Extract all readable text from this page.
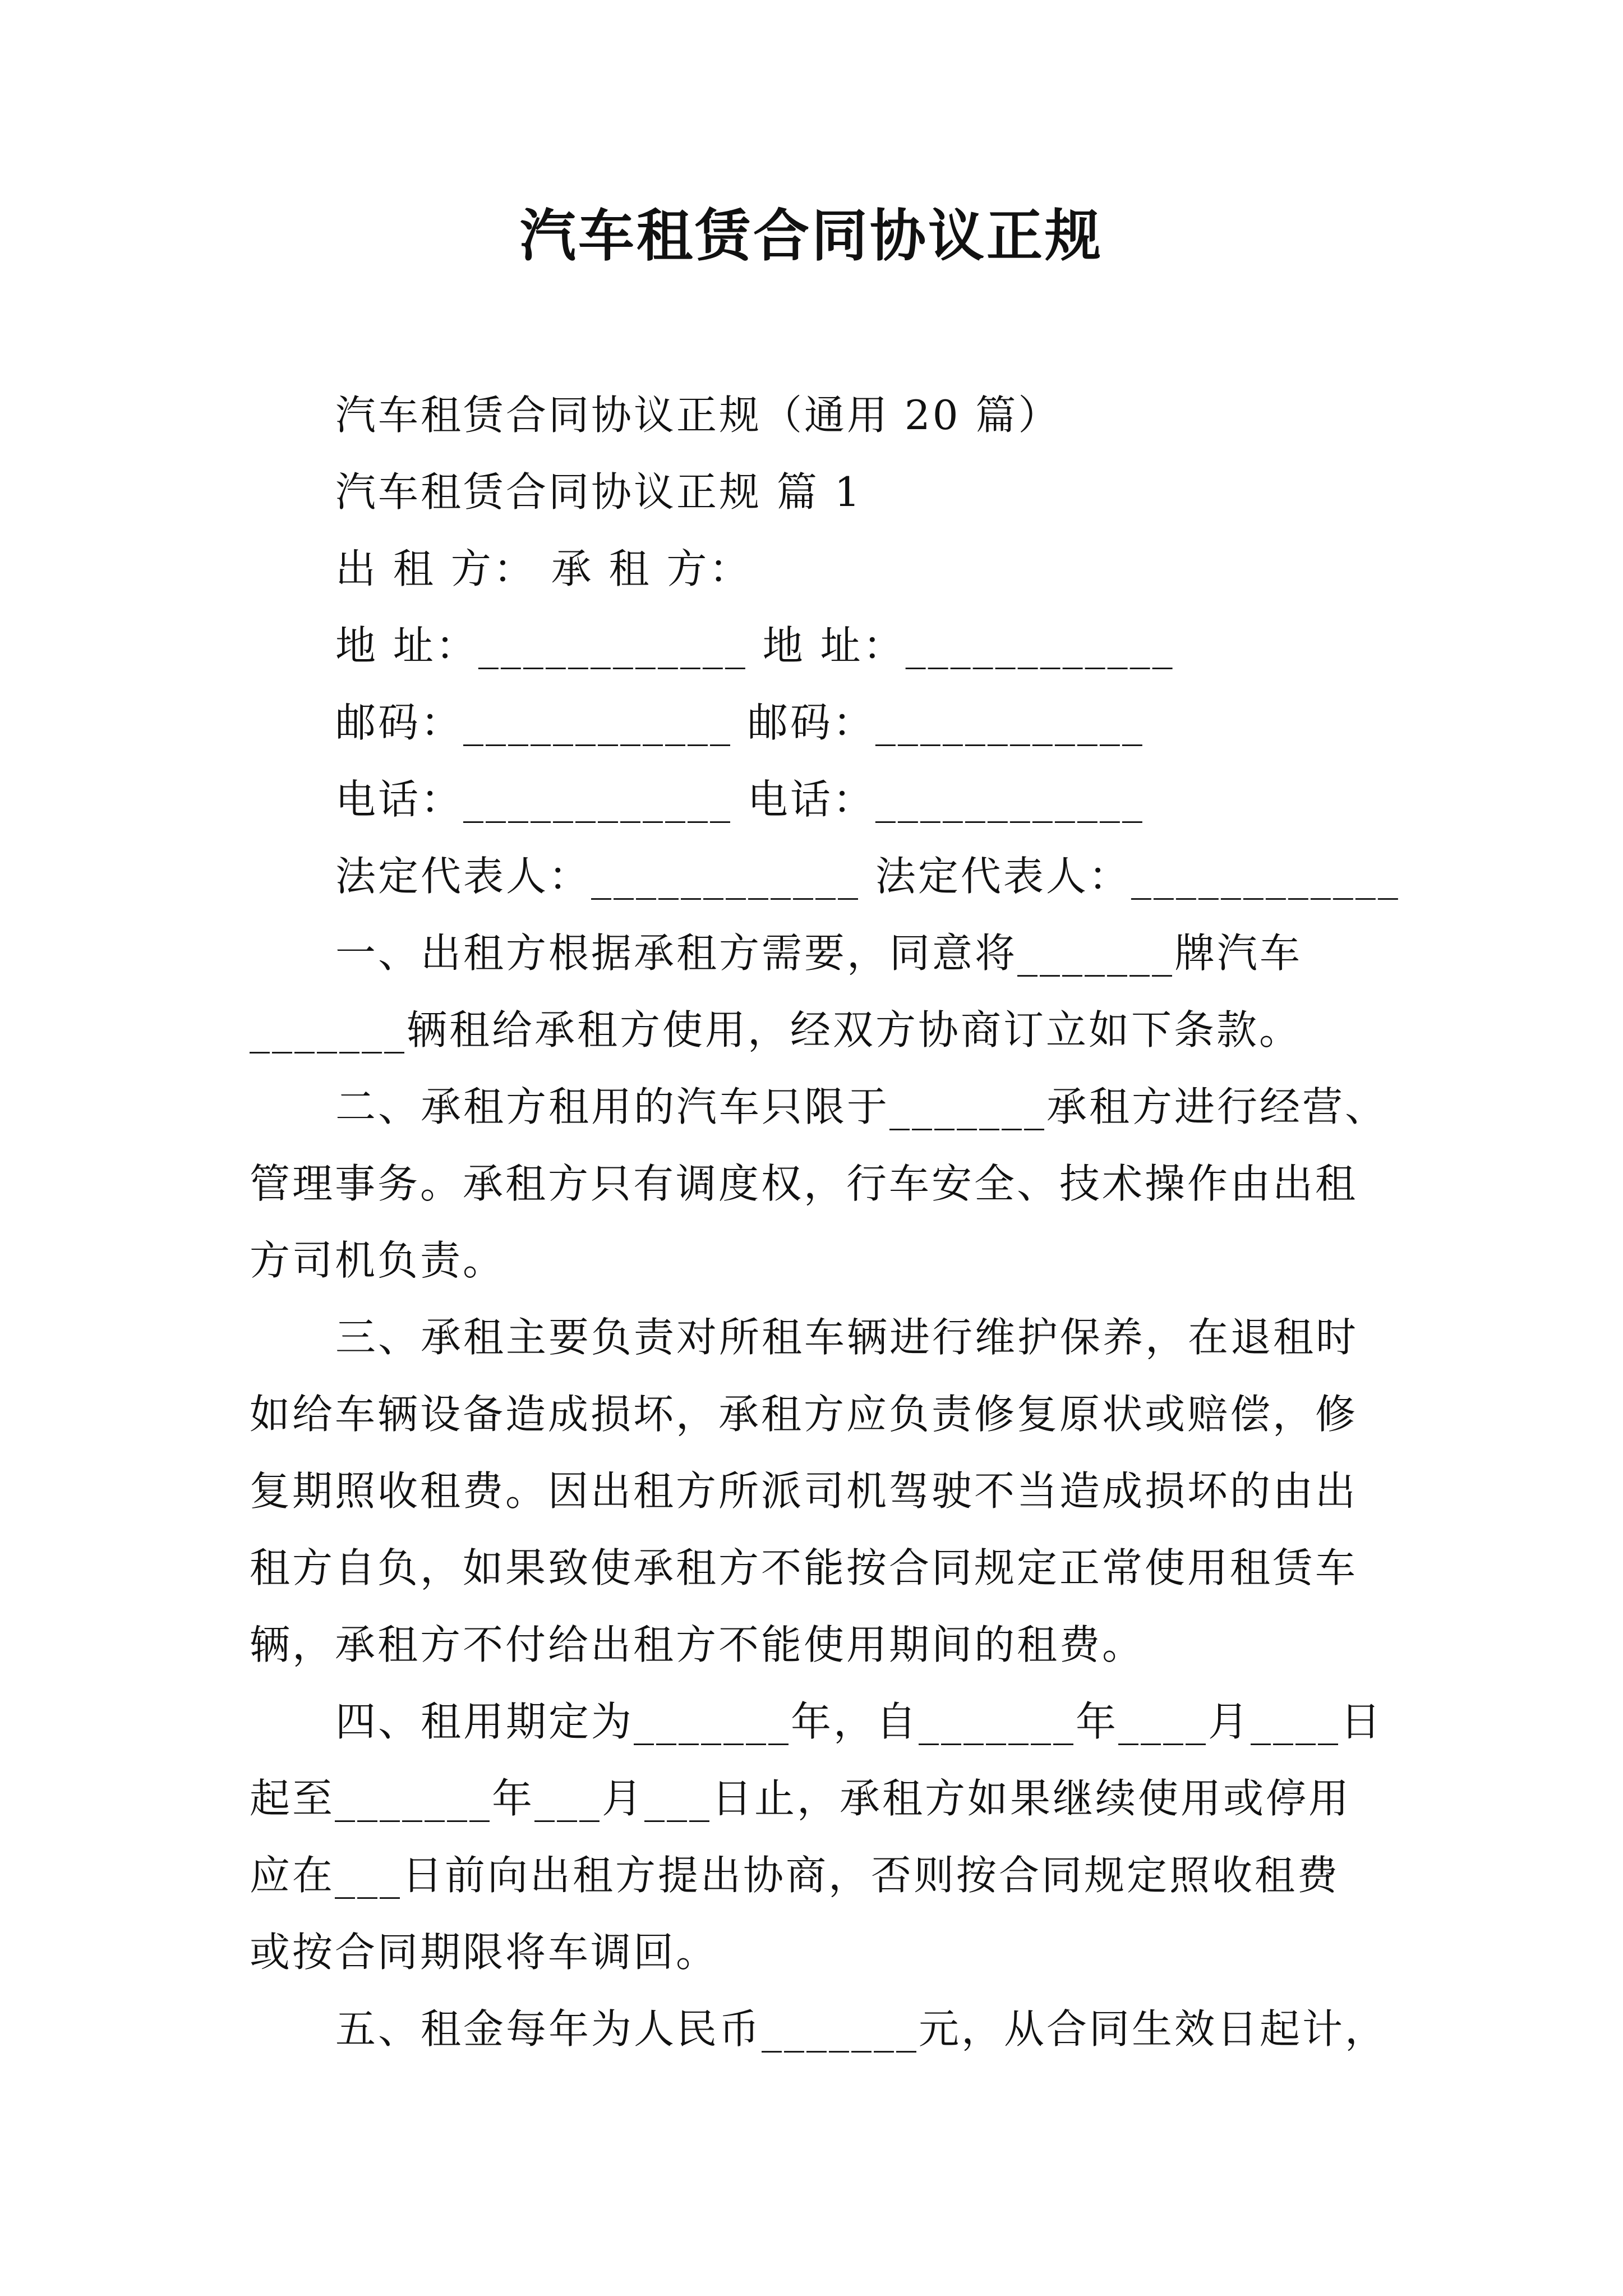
汽车租赁合同协议正规
汽车租赁合同协议正规（通用 20 篇）
汽车租赁合同协议正规 篇 1
出 租 方： 承 租 方：
地 址：____________ 地 址：____________
邮码：____________ 邮码：____________
电话：____________ 电话：____________
法定代表人：____________ 法定代表人：____________
一、出租方根据承租方需要，同意将_______牌汽车
_______辆租给承租方使用，经双方协商订立如下条款。
二、承租方租用的汽车只限于_______承租方进行经营、
管理事务。承租方只有调度权，行车安全、技术操作由出租
方司机负责。
三、承租主要负责对所租车辆进行维护保养，在退租时
如给车辆设备造成损坏，承租方应负责修复原状或赔偿，修
复期照收租费。因出租方所派司机驾驶不当造成损坏的由出
租方自负，如果致使承租方不能按合同规定正常使用租赁车
辆，承租方不付给出租方不能使用期间的租费。
四、租用期定为_______年，自_______年____月____日
起至_______年___月___日止，承租方如果继续使用或停用
应在___日前向出租方提出协商，否则按合同规定照收租费
或按合同期限将车调回。
五、租金每年为人民币_______元，从合同生效日起计，
